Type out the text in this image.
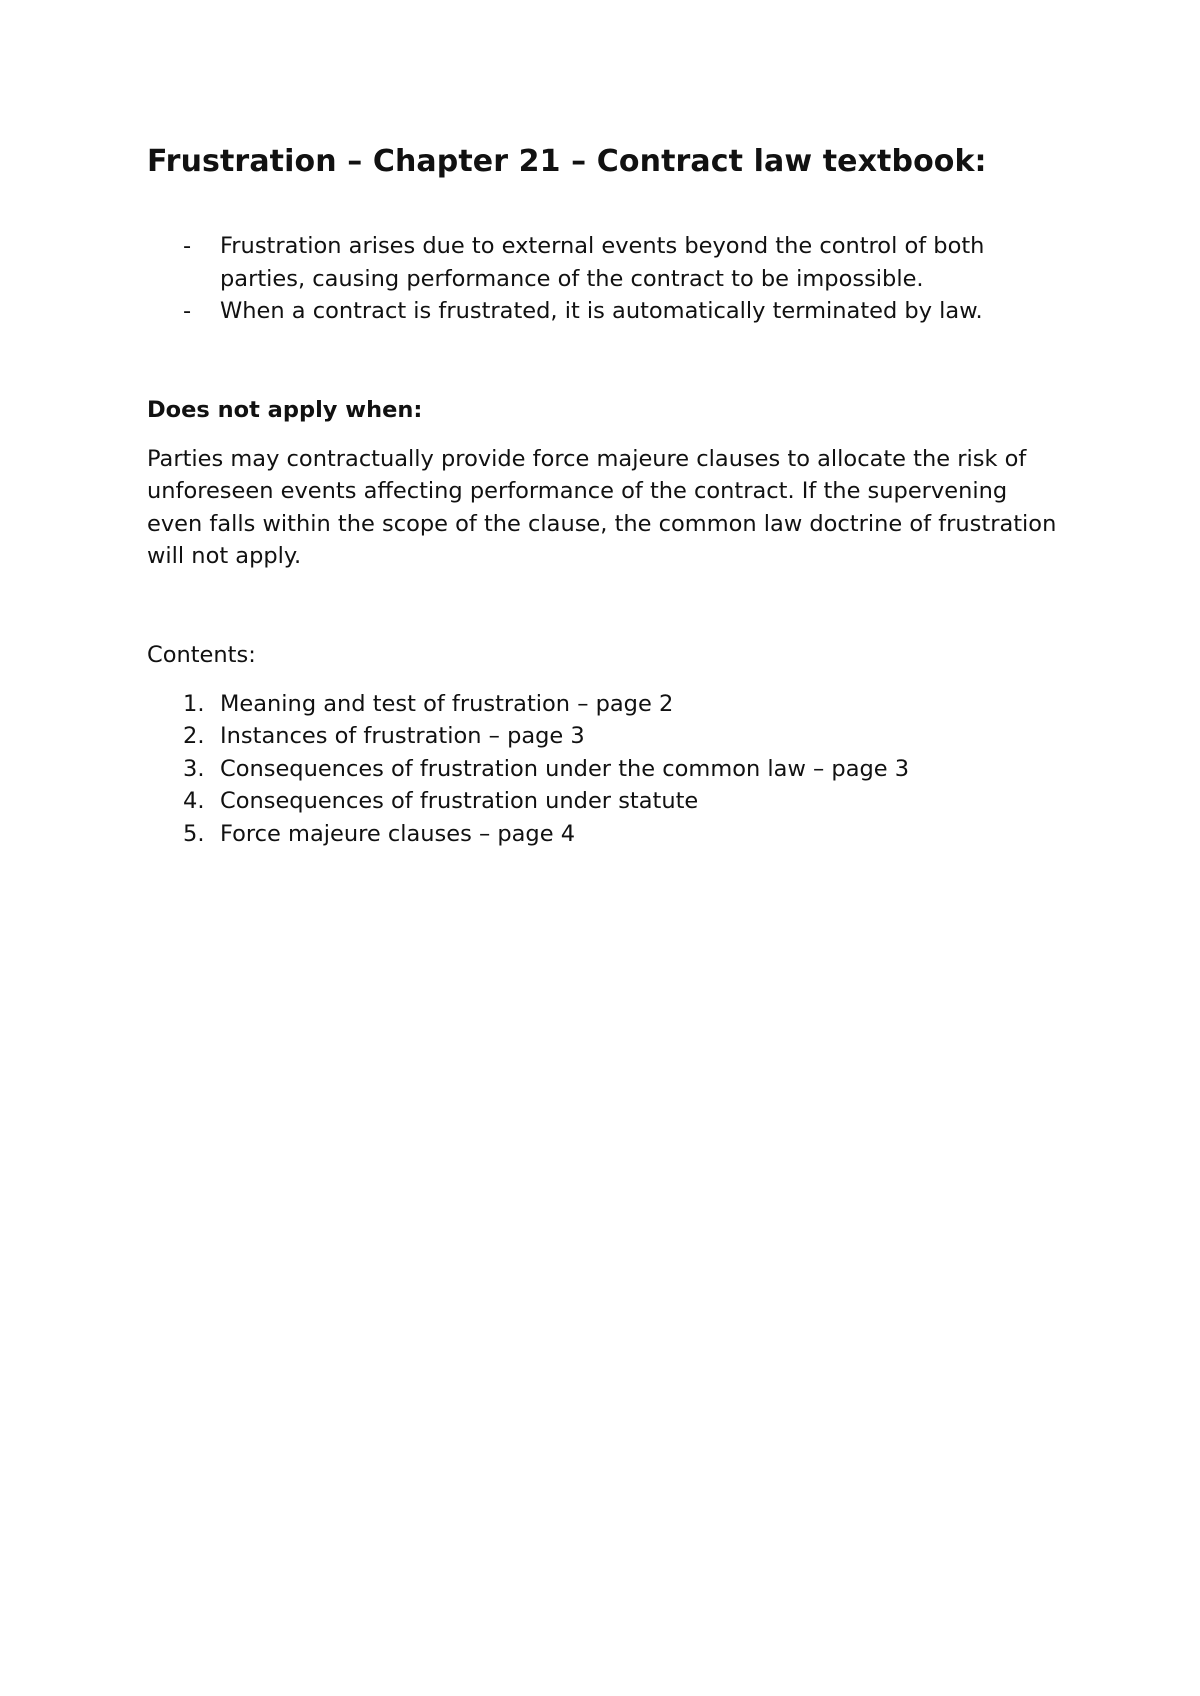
Frustration – Chapter 21 – Contract law textbook:
- Frustration arises due to external events beyond the control of both parties, causing performance of the contract to be impossible.
- When a contract is frustrated, it is automatically terminated by law.

Does not apply when:

Parties may contractually provide force majeure clauses to allocate the risk of unforeseen events affecting performance of the contract. If the supervening even falls within the scope of the clause, the common law doctrine of frustration will not apply.

Contents:

1. Meaning and test of frustration – page 2
2. Instances of frustration – page 3
3. Consequences of frustration under the common law – page 3
4. Consequences of frustration under statute
5. Force majeure clauses – page 4
